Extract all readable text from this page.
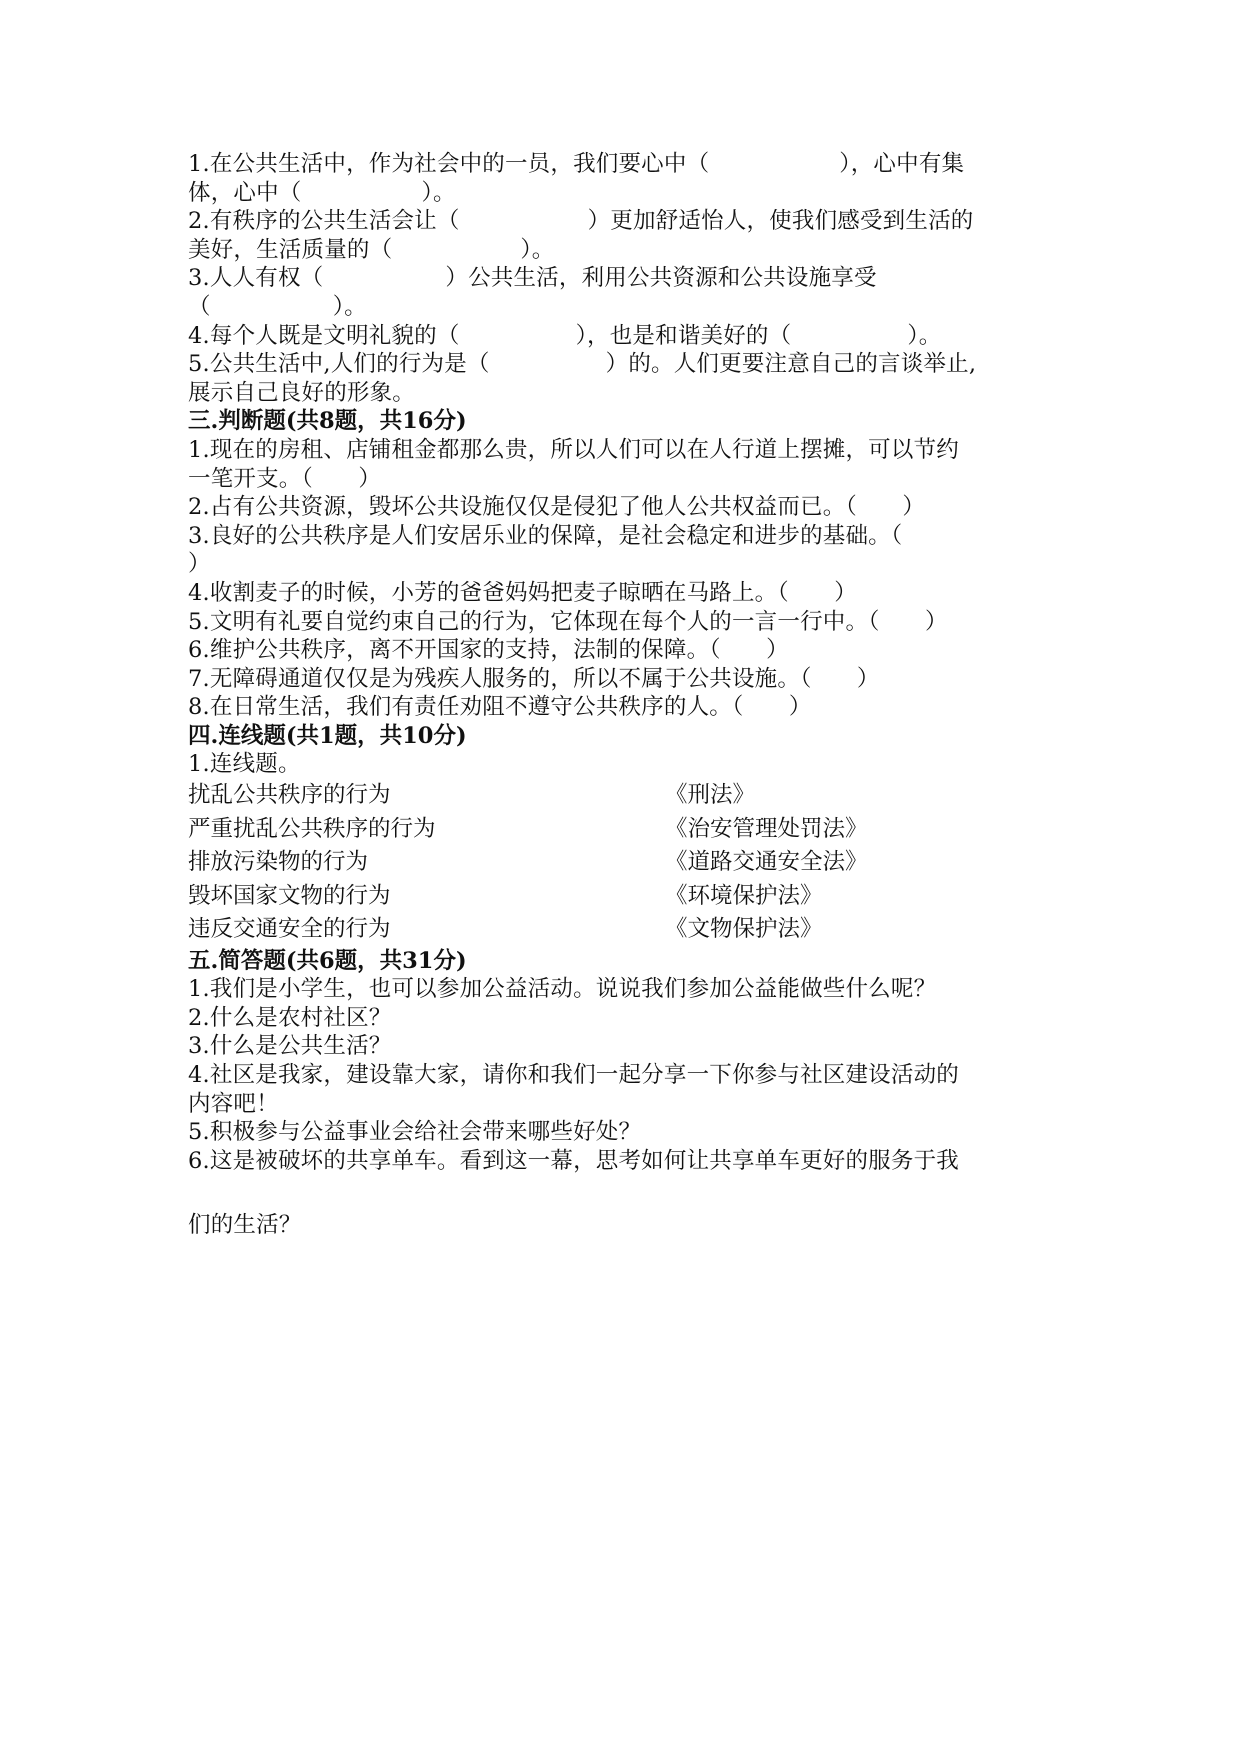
1.在公共生活中，作为社会中的一员，我们要心中（	），心中有集
体，心中（	）。
2.有秩序的公共生活会让（	）更加舒适怡人，使我们感受到生活的
美好，生活质量的（	）。
3.人人有权（	）公共生活，利用公共资源和公共设施享受
（	）。
4.每个人既是文明礼貌的（	），也是和谐美好的（	）。
5.公共生活中,人们的行为是（	）的。人们更要注意自己的言谈举止,
展示自己良好的形象。
三.判断题(共8题，共16分)
1.现在的房租、店铺租金都那么贵，所以人们可以在人行道上摆摊，可以节约
一笔开支。（　　）
2.占有公共资源，毁坏公共设施仅仅是侵犯了他人公共权益而已。（　　）
3.良好的公共秩序是人们安居乐业的保障，是社会稳定和进步的基础。（
）
4.收割麦子的时候，小芳的爸爸妈妈把麦子晾晒在马路上。（　　）
5.文明有礼要自觉约束自己的行为，它体现在每个人的一言一行中。（　　）
6.维护公共秩序，离不开国家的支持，法制的保障。（　　）
7.无障碍通道仅仅是为残疾人服务的，所以不属于公共设施。（　　）
8.在日常生活，我们有责任劝阻不遵守公共秩序的人。（　　）
四.连线题(共1题，共10分)
1.连线题。
扰乱公共秩序的行为	《刑法》
严重扰乱公共秩序的行为	《治安管理处罚法》
排放污染物的行为	《道路交通安全法》
毁坏国家文物的行为	《环境保护法》
违反交通安全的行为	《文物保护法》
五.简答题(共6题，共31分)
1.我们是小学生，也可以参加公益活动。说说我们参加公益能做些什么呢？
2.什么是农村社区？
3.什么是公共生活？
4.社区是我家，建设靠大家，请你和我们一起分享一下你参与社区建设活动的
内容吧！
5.积极参与公益事业会给社会带来哪些好处？
6.这是被破坏的共享单车。看到这一幕，思考如何让共享单车更好的服务于我
们的生活？
